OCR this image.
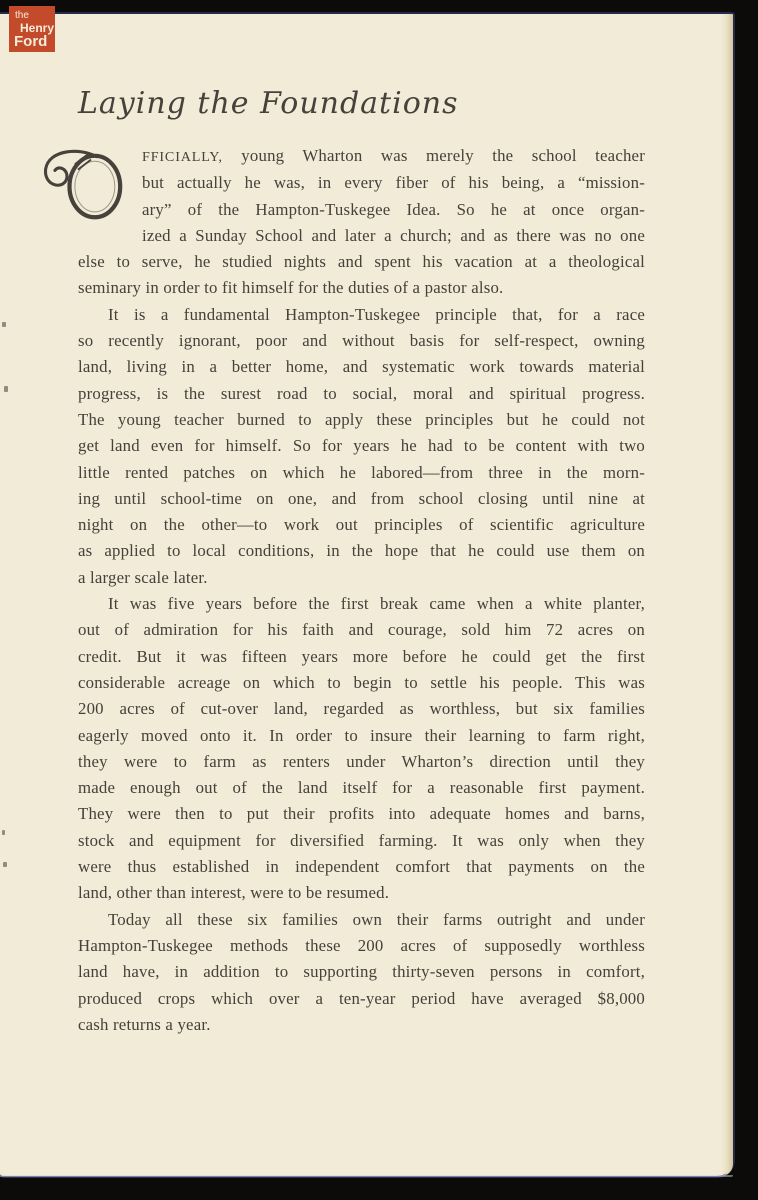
the
Henry
Ford
Laying the Foundations
FFICIALLY, young Wharton was merely the school teacher
but actually he was, in every fiber of his being, a “mission-
ary” of the Hampton-Tuskegee Idea. So he at once organ-
ized a Sunday School and later a church; and as there was no one
else to serve, he studied nights and spent his vacation at a theological
seminary in order to fit himself for the duties of a pastor also.
It is a fundamental Hampton-Tuskegee principle that, for a race
so recently ignorant, poor and without basis for self-respect, owning
land, living in a better home, and systematic work towards material
progress, is the surest road to social, moral and spiritual progress.
The young teacher burned to apply these principles but he could not
get land even for himself. So for years he had to be content with two
little rented patches on which he labored—from three in the morn-
ing until school-time on one, and from school closing until nine at
night on the other—to work out principles of scientific agriculture
as applied to local conditions, in the hope that he could use them on
a larger scale later.
It was five years before the first break came when a white planter,
out of admiration for his faith and courage, sold him 72 acres on
credit. But it was fifteen years more before he could get the first
considerable acreage on which to begin to settle his people. This was
200 acres of cut-over land, regarded as worthless, but six families
eagerly moved onto it. In order to insure their learning to farm right,
they were to farm as renters under Wharton’s direction until they
made enough out of the land itself for a reasonable first payment.
They were then to put their profits into adequate homes and barns,
stock and equipment for diversified farming. It was only when they
were thus established in independent comfort that payments on the
land, other than interest, were to be resumed.
Today all these six families own their farms outright and under
Hampton-Tuskegee methods these 200 acres of supposedly worthless
land have, in addition to supporting thirty-seven persons in comfort,
produced crops which over a ten-year period have averaged $8,000
cash returns a year.
